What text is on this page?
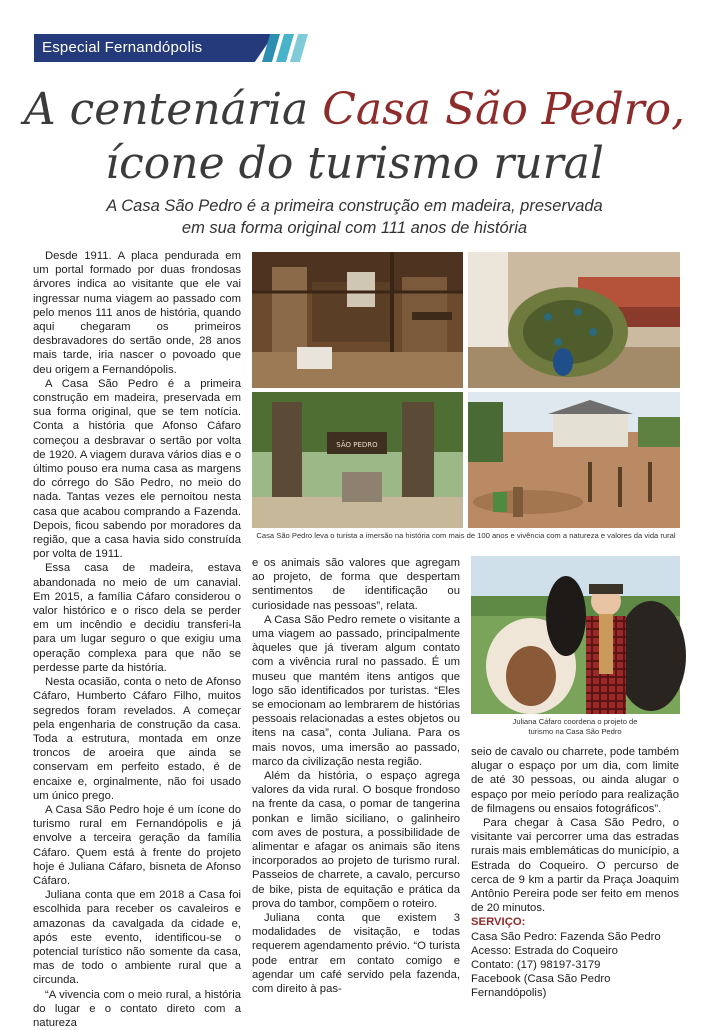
Especial Fernandópolis
A centenária Casa São Pedro,
ícone do turismo rural
A Casa São Pedro é a primeira construção em madeira, preservada
em sua forma original com 111 anos de história
SÃO PEDRO
Casa São Pedro leva o turista a imersão na história com mais de 100 anos e vivência com a natureza e valores da vida rural
Juliana Cáfaro coordena o projeto de
turismo na Casa São Pedro

Desde 1911. A placa pendurada em um portal formado por duas frondosas árvores indica ao visitante que ele vai ingressar numa viagem ao passado com pelo menos 111 anos de história, quando aqui chegaram os primeiros desbravadores do sertão onde, 28 anos mais tarde, iria nascer o povoado que deu origem a Fernandópolis.

A Casa São Pedro é a primeira construção em madeira, preservada em sua forma original, que se tem notícia. Conta a história que Afonso Cáfaro começou a desbravar o sertão por volta de 1920. A viagem durava vários dias e o último pouso era numa casa as margens do córrego do São Pedro, no meio do nada. Tantas vezes ele pernoitou nesta casa que acabou comprando a Fazenda. Depois, ficou sabendo por moradores da região, que a casa havia sido construída por volta de 1911.

Essa casa de madeira, estava abandonada no meio de um canavial. Em 2015, a família Cáfaro considerou o valor histórico e o risco dela se perder em um incêndio e decidiu transferi-la para um lugar seguro o que exigiu uma operação complexa para que não se perdesse parte da história.

Nesta ocasião, conta o neto de Afonso Cáfaro, Humberto Cáfaro Filho, muitos segredos foram revelados. A começar pela engenharia de construção da casa. Toda a estrutura, montada em onze troncos de aroeira que ainda se conservam em perfeito estado, é de encaixe e, orginalmente, não foi usado um único prego.

A Casa São Pedro hoje é um ícone do turismo rural em Fernandópolis e já envolve a terceira geração da família Cáfaro. Quem está à frente do projeto hoje é Juliana Cáfaro, bisneta de Afonso Cáfaro.

Juliana conta que em 2018 a Casa foi escolhida para receber os cavaleiros e amazonas da cavalgada da cidade e, após este evento, identificou-se o potencial turístico não somente da casa, mas de todo o ambiente rural que a circunda.

“A vivencia com o meio rural, a história do lugar e o contato direto com a natureza

e os animais são valores que agregam ao projeto, de forma que despertam sentimentos de identificação ou curiosidade nas pessoas”, relata.

A Casa São Pedro remete o visitante a uma viagem ao passado, principalmente àqueles que já tiveram algum contato com a vivência rural no passado. É um museu que mantém itens antigos que logo são identificados por turistas. “Eles se emocionam ao lembrarem de histórias pessoais relacionadas a estes objetos ou itens na casa”, conta Juliana. Para os mais novos, uma imersão ao passado, marco da civilização nesta região.

Além da história, o espaço agrega valores da vida rural. O bosque frondoso na frente da casa, o pomar de tangerina ponkan e limão siciliano, o galinheiro com aves de postura, a possibilidade de alimentar e afagar os animais são itens incorporados ao projeto de turismo rural. Passeios de charrete, a cavalo, percurso de bike, pista de equitação e prática da prova do tambor, compõem o roteiro.

Juliana conta que existem 3 modalidades de visitação, e todas requerem agendamento prévio. “O turista pode entrar em contato comigo e agendar um café servido pela fazenda, com direito à pas-

seio de cavalo ou charrete, pode também alugar o espaço por um dia, com limite de até 30 pessoas, ou ainda alugar o espaço por meio período para realização de filmagens ou ensaios fotográficos”.

Para chegar à Casa São Pedro, o visitante vai percorrer uma das estradas rurais mais emblemáticas do município, a Estrada do Coqueiro. O percurso de cerca de 9 km a partir da Praça Joaquim Antônio Pereira pode ser feito em menos de 20 minutos.

SERVIÇO:

Casa São Pedro: Fazenda São Pedro

Acesso: Estrada do Coqueiro

Contato: (17) 98197-3179

Facebook (Casa São Pedro Fernandópolis)
